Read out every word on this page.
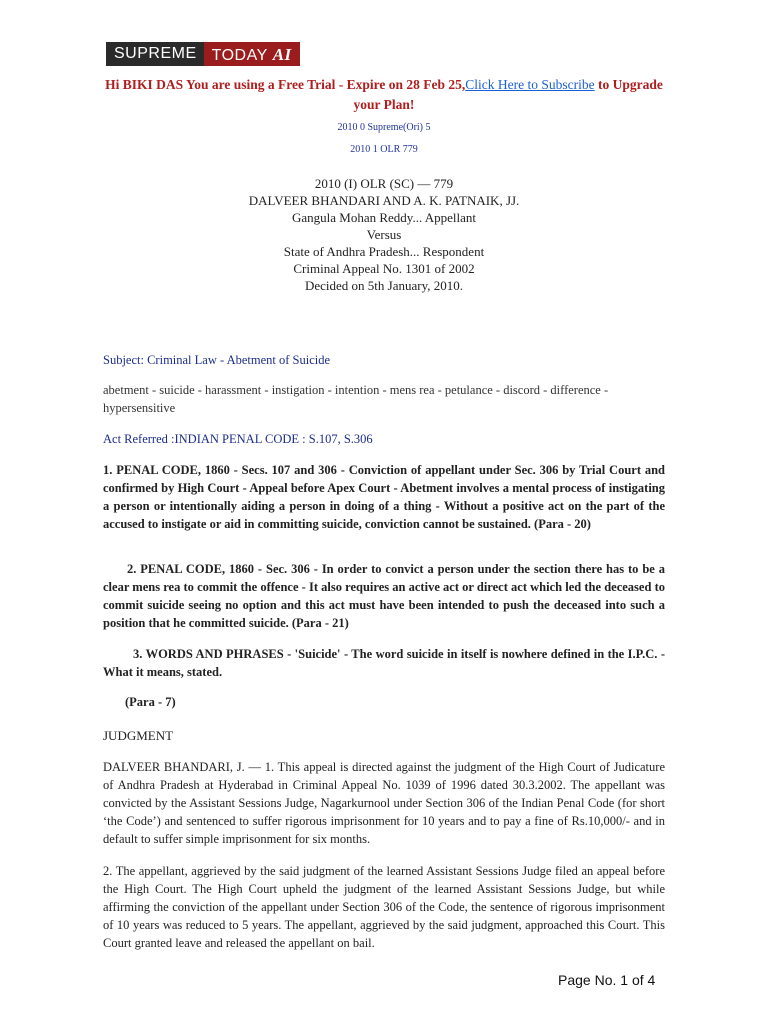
SUPREME TODAY AI
Hi BIKI DAS You are using a Free Trial - Expire on 28 Feb 25,Click Here to Subscribe to Upgrade your Plan!
2010 0 Supreme(Ori) 5
2010 1 OLR 779
2010 (I) OLR (SC) — 779
DALVEER BHANDARI AND A. K. PATNAIK, JJ.
Gangula Mohan Reddy... Appellant
Versus
State of Andhra Pradesh... Respondent
Criminal Appeal No. 1301 of 2002
Decided on 5th January, 2010.
Subject: Criminal Law - Abetment of Suicide
abetment - suicide - harassment - instigation - intention - mens rea - petulance - discord - difference - hypersensitive
Act Referred :INDIAN PENAL CODE : S.107, S.306
1. PENAL CODE, 1860 - Secs. 107 and 306 - Conviction of appellant under Sec. 306 by Trial Court and confirmed by High Court - Appeal before Apex Court - Abetment involves a mental process of instigating a person or intentionally aiding a person in doing of a thing - Without a positive act on the part of the accused to instigate or aid in committing suicide, conviction cannot be sustained. (Para - 20)
2. PENAL CODE, 1860 - Sec. 306 - In order to convict a person under the section there has to be a clear mens rea to commit the offence - It also requires an active act or direct act which led the deceased to commit suicide seeing no option and this act must have been intended to push the deceased into such a position that he committed suicide. (Para - 21)
3. WORDS AND PHRASES - 'Suicide' - The word suicide in itself is nowhere defined in the I.P.C. - What it means, stated.
(Para - 7)
JUDGMENT
DALVEER BHANDARI, J. — 1. This appeal is directed against the judgment of the High Court of Judicature of Andhra Pradesh at Hyderabad in Criminal Appeal No. 1039 of 1996 dated 30.3.2002. The appellant was convicted by the Assistant Sessions Judge, Nagarkurnool under Section 306 of the Indian Penal Code (for short ‘the Code’) and sentenced to suffer rigorous imprisonment for 10 years and to pay a fine of Rs.10,000/- and in default to suffer simple imprisonment for six months.
2. The appellant, aggrieved by the said judgment of the learned Assistant Sessions Judge filed an appeal before the High Court. The High Court upheld the judgment of the learned Assistant Sessions Judge, but while affirming the conviction of the appellant under Section 306 of the Code, the sentence of rigorous imprisonment of 10 years was reduced to 5 years. The appellant, aggrieved by the said judgment, approached this Court. This Court granted leave and released the appellant on bail.
Page No. 1 of 4
